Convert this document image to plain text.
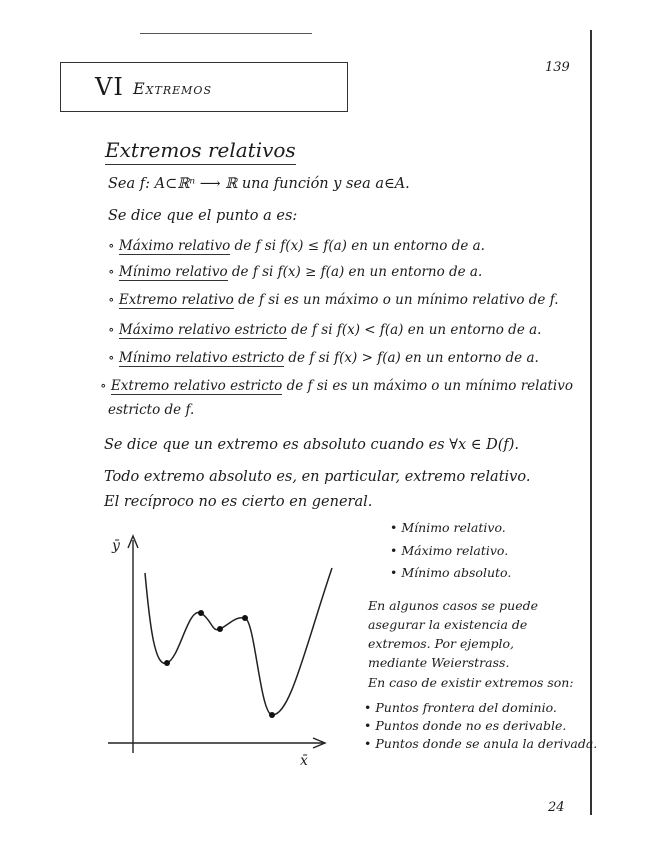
139
VI Extremos
Extremos relativos
Sea f: A⊂ℝⁿ ⟶ ℝ una función y sea a∈A.
Se dice que el punto a es:
∘ Máximo relativo de f si f(x) ≤ f(a) en un entorno de a.
∘ Mínimo relativo de f si f(x) ≥ f(a) en un entorno de a.
∘ Extremo relativo de f si es un máximo o un mínimo relativo de f.
∘ Máximo relativo estricto de f si f(x) < f(a) en un entorno de a.
∘ Mínimo relativo estricto de f si f(x) > f(a) en un entorno de a.
∘ Extremo relativo estricto de f si es un máximo o un mínimo relativo
estricto de f.
Se dice que un extremo es absoluto cuando es ∀x ∈ D(f).
Todo extremo absoluto es, en particular, extremo relativo.
El recíproco no es cierto en general.
ȳ
x̄
• Mínimo relativo.
• Máximo relativo.
• Mínimo absoluto.
En algunos casos se puede
asegurar la existencia de
extremos. Por ejemplo,
mediante Weierstrass.
En caso de existir extremos son:
• Puntos frontera del dominio.
• Puntos donde no es derivable.
• Puntos donde se anula la derivada.
24
